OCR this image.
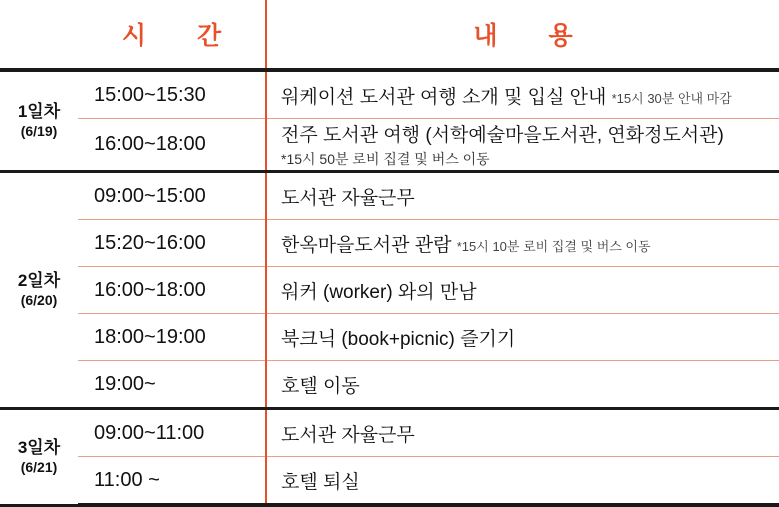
	시 간	내 용
1일차
(6/19)	15:00~15:30	워케이션 도서관 여행 소개 및 입실 안내 *15시 30분 안내 마감
	16:00~18:00	전주 도서관 여행 (서학예술마을도서관, 연화정도서관)
*15시 50분 로비 집결 및 버스 이동

2일차
(6/20)	09:00~15:00	도서관 자율근무
	15:20~16:00	한옥마을도서관 관람 *15시 10분 로비 집결 및 버스 이동
	16:00~18:00	워커 (worker) 와의 만남
	18:00~19:00	북크닉 (book+picnic) 즐기기
	19:00~	호텔 이동
3일차
(6/21)	09:00~11:00	도서관 자율근무
	11:00 ~	호텔 퇴실
